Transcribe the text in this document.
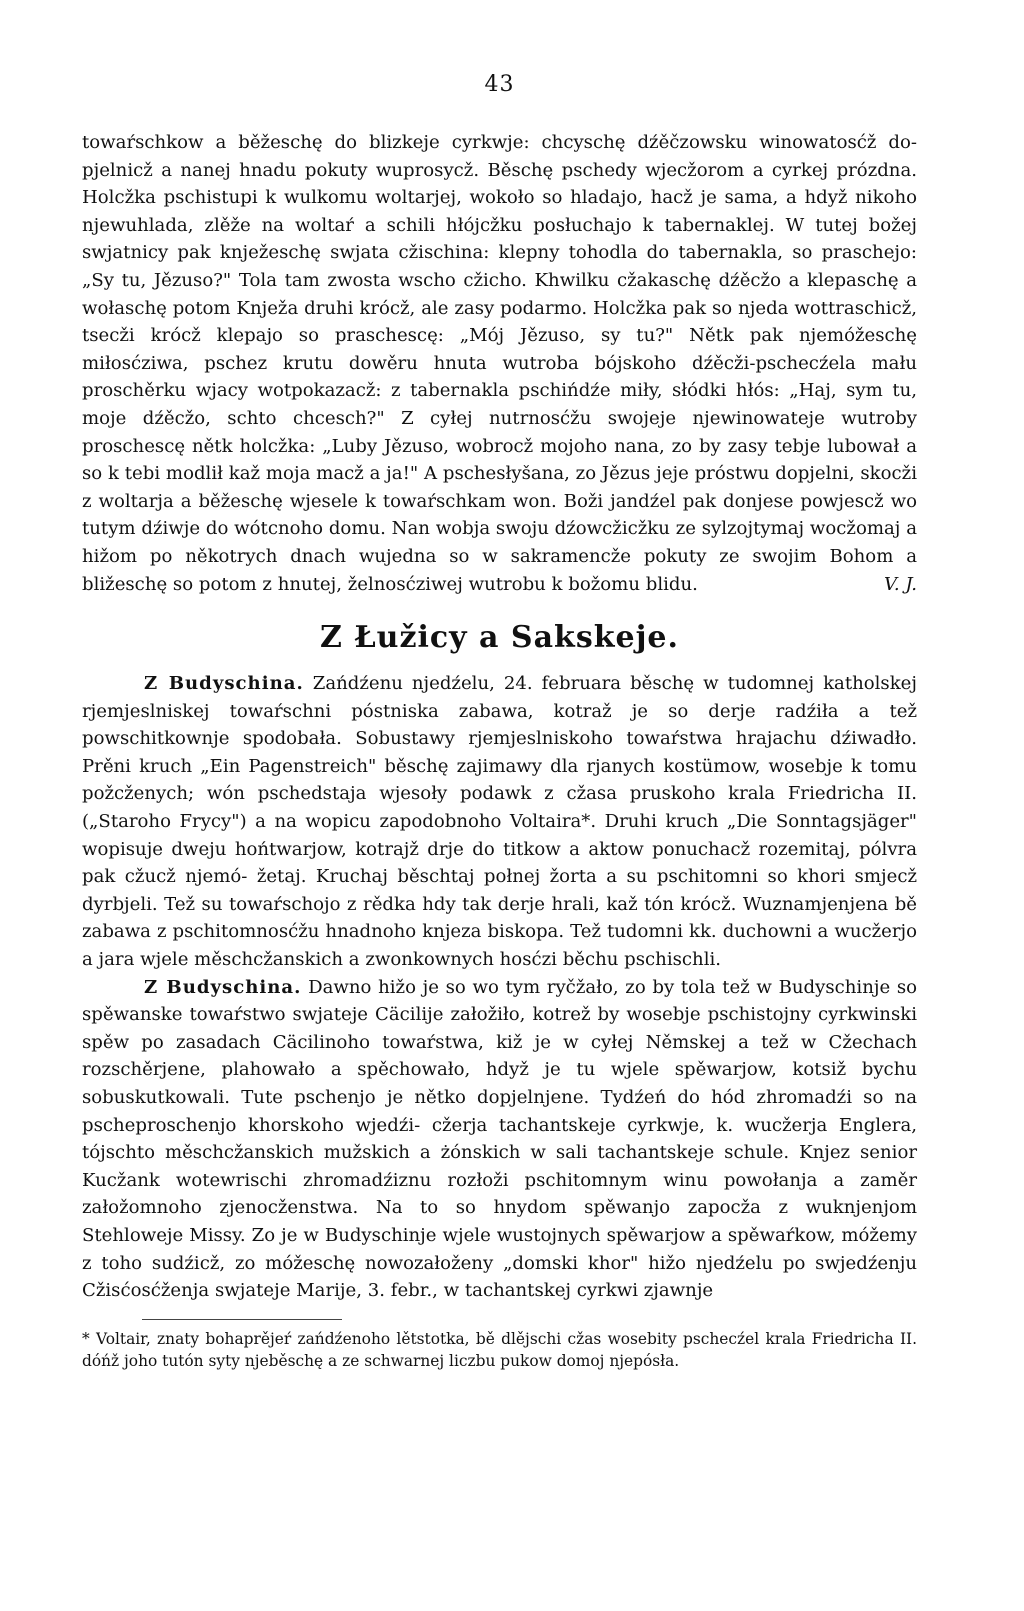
43

towaŕschkow a běžeschę do blizkeje cyrkwje: chcyschę dźěčzowsku winowatosćž do- pjelnicž a nanej hnadu pokuty wuprosycž. Běschę pschedy wjecžorom a cyrkej prózdna. Holcžka pschistupi k wulkomu woltarjej, wokoło so hladajo, hacž je sama, a hdyž nikoho njewuhlada, zlěže na woltaŕ a schili hłójcžku posłuchajo k tabernaklej. W tutej božej swjatnicy pak knježeschę swjata cžischina: klepny tohodla do tabernakla, so praschejo: „Sy tu, Jězuso?" Tola tam zwosta wscho cžicho. Khwilku cžakaschę dźěcžo a klepaschę a wołaschę potom Knježa druhi krócž, ale zasy podarmo. Holcžka pak so njeda wottraschicž, tsecži krócž klepajo so praschescę: „Mój Jězuso, sy tu?" Nětk pak njemóžeschę miłosćziwa, pschez krutu dowěru hnuta wutroba bójskoho dźěcži-pschecźela mału proschěrku wjacy wotpokazacž: z tabernakla pschińdźe miły, słódki hłós: „Haj, sym tu, moje dźěcžo, schto chcesch?" Z cyłej nutrnosćžu swojeje njewinowateje wutroby proschescę nětk holcžka: „Luby Jězuso, wobrocž mojoho nana, zo by zasy tebje lubował a so k tebi modlił kaž moja macž a ja!" A pschesłyšana, zo Jězus jeje próstwu dopjelni, skocži z woltarja a běžeschę wjesele k towaŕschkam won. Boži jandźel pak donjese powjescž wo tutym dźiwje do wótcnoho domu. Nan wobja swoju dźowcžicžku ze sylzojtymaj wocžomaj a hižom po někotrych dnach wujedna so w sakramencže pokuty ze swojim Bohom a bližeschę so potom z hnutej, želnosćziwej wutrobu k božomu blidu.	V. J.

Z Łužicy a Sakskeje.

Z Budyschina. Zańdźenu njedźelu, 24. februara běschę w tudomnej katholskej rjemjeslniskej towaŕschni póstniska zabawa, kotraž je so derje radźiła a tež powschitkownje spodobała. Sobustawy rjemjeslniskoho towaŕstwa hrajachu dźiwadło. Prěni kruch „Ein Pagenstreich" běschę zajimawy dla rjanych kostümow, wosebje k tomu požcženych; wón pschedstaja wjesoły podawk z cžasa pruskoho krala Friedricha II. („Staroho Frycy") a na wopicu zapodobnoho Voltaira*. Druhi kruch „Die Sonntagsjäger" wopisuje dweju hońtwarjow, kotrajž drje do titkow a aktow ponuchacž rozemitaj, pólvra pak cžucž njemó- žetaj. Kruchaj běschtaj połnej žorta a su pschitomni so khori smjecž dyrbjeli. Tež su towaŕschojo z rědka hdy tak derje hrali, kaž tón krócž. Wuznamjenjena bě zabawa z pschitomnosćžu hnadnoho knjeza biskopa. Tež tudomni kk. duchowni a wucžerjo a jara wjele měschcžanskich a zwonkownych hosćzi běchu pschischli.

Z Budyschina. Dawno hižo je so wo tym ryčžało, zo by tola tež w Budyschinje so spěwanske towaŕstwo swjateje Cäcilije załožiło, kotrež by wosebje pschistojny cyrkwinski spěw po zasadach Cäcilinoho towaŕstwa, kiž je w cyłej Němskej a tež w Cžechach rozschěrjene, plahowało a spěchowało, hdyž je tu wjele spěwarjow, kotsiž bychu sobuskutkowali. Tute pschenjo je nětko dopjelnjene. Tydźeń do hód zhromadźi so na pscheproschenjo khorskoho wjedźi- cžerja tachantskeje cyrkwje, k. wucžerja Englera, tójschto měschcžanskich mužskich a żónskich w sali tachantskeje schule. Knjez senior Kucžank wotewrischi zhromadźiznu rozłoži pschitomnym winu powołanja a zaměr załožomnoho zjenocženstwa. Na to so hnydom spěwanjo zapocža z wuknjenjom Stehloweje Missy. Zo je w Budyschinje wjele wustojnych spěwarjow a spěwaŕkow, móžemy z toho sudźicž, zo móžeschę nowozałoženy „domski khor" hižo njedźelu po swjedźenju Cžisćosćženja swjateje Marije, 3. febr., w tachantskej cyrkwi zjawnje

* Voltair, znaty bohaprějeŕ zańdźenoho lětstotka, bě dlějschi cžas wosebity pschecźel krala Friedricha II. dóńž joho tutón syty njeběschę a ze schwarnej liczbu pukow domoj njepósła.
